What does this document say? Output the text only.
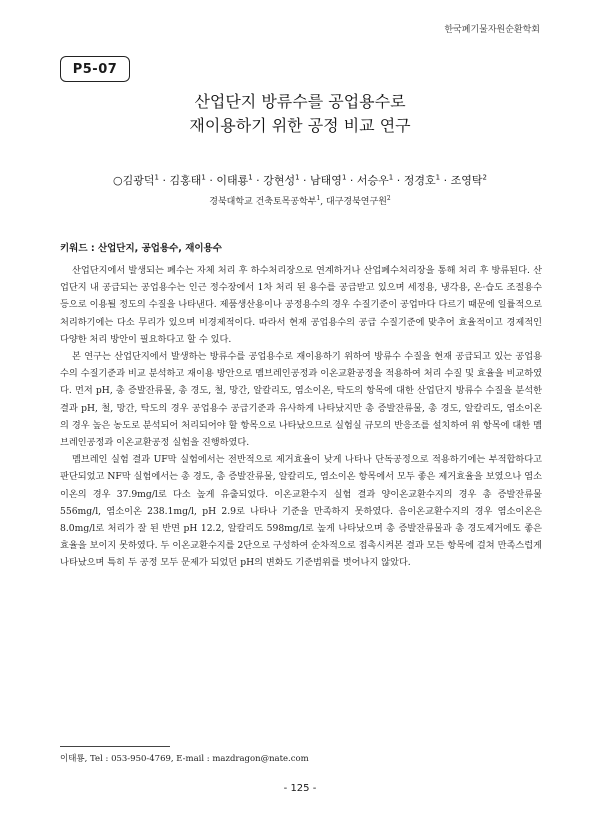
한국폐기물자원순환학회
P5-07
산업단지 방류수를 공업용수로
재이용하기 위한 공정 비교 연구
○김광덕$^1$ · 김홍태$^1$ · 이태룡$^1$ · 강현성$^1$ · 남태영$^1$ · 서승우$^1$ · 정경호$^1$ · 조영탁$^2$
경북대학교 건축토목공학부$^1$, 대구경북연구원$^2$
키워드 : 산업단지, 공업용수, 재이용수

산업단지에서 발생되는 폐수는 자체 처리 후 하수처리장으로 연계하거나 산업폐수처리장을 통해 처리 후 방류된다. 산업단지 내 공급되는 공업용수는 인근 정수장에서 1차 처리 된 용수를 공급받고 있으며 세정용, 냉각용, 온·습도 조절용수 등으로 이용될 정도의 수질을 나타낸다. 제품생산용이나 공정용수의 경우 수질기준이 공업마다 다르기 때문에 일률적으로 처리하기에는 다소 무리가 있으며 비경제적이다. 따라서 현재 공업용수의 공급 수질기준에 맞추어 효율적이고 경제적인 다양한 처리 방안이 필요하다고 할 수 있다.

본 연구는 산업단지에서 발생하는 방류수를 공업용수로 재이용하기 위하여 방류수 수질을 현재 공급되고 있는 공업용수의 수질기준과 비교 분석하고 재이용 방안으로 멤브레인공정과 이온교환공정을 적용하여 처리 수질 및 효율을 비교하였다. 먼저 pH, 총 증발잔류물, 총 경도, 철, 망간, 알칼리도, 염소이온, 탁도의 항목에 대한 산업단지 방류수 수질을 분석한 결과 pH, 철, 망간, 탁도의 경우 공업용수 공급기준과 유사하게 나타났지만 총 증발잔류물, 총 경도, 알칼리도, 염소이온의 경우 높은 농도로 분석되어 처리되어야 할 항목으로 나타났으므로 실험실 규모의 반응조를 설치하여 위 항목에 대한 멤브레인공정과 이온교환공정 실험을 진행하였다.

멤브레인 실험 결과 UF막 실험에서는 전반적으로 제거효율이 낮게 나타나 단독공정으로 적용하기에는 부적합하다고 판단되었고 NF막 실험에서는 총 경도, 총 증발잔류물, 알칼리도, 염소이온 항목에서 모두 좋은 제거효율을 보였으나 염소이온의 경우 37.9mg/l로 다소 높게 유출되었다. 이온교환수지 실험 결과 양이온교환수지의 경우 총 증발잔류물 556mg/l, 염소이온 238.1mg/l, pH 2.9로 나타나 기준을 만족하지 못하였다. 음이온교환수지의 경우 염소이온은 8.0mg/l로 처리가 잘 된 반면 pH 12.2, 알칼리도 598mg/l로 높게 나타났으며 총 증발잔류물과 총 경도제거에도 좋은 효율을 보이지 못하였다. 두 이온교환수지를 2단으로 구성하여 순차적으로 접촉시켜본 결과 모든 항목에 걸쳐 만족스럽게 나타났으며 특히 두 공정 모두 문제가 되었던 pH의 변화도 기준범위를 벗어나지 않았다.

이태룡, Tel : 053-950-4769, E-mail : mazdragon@nate.com
- 125 -
